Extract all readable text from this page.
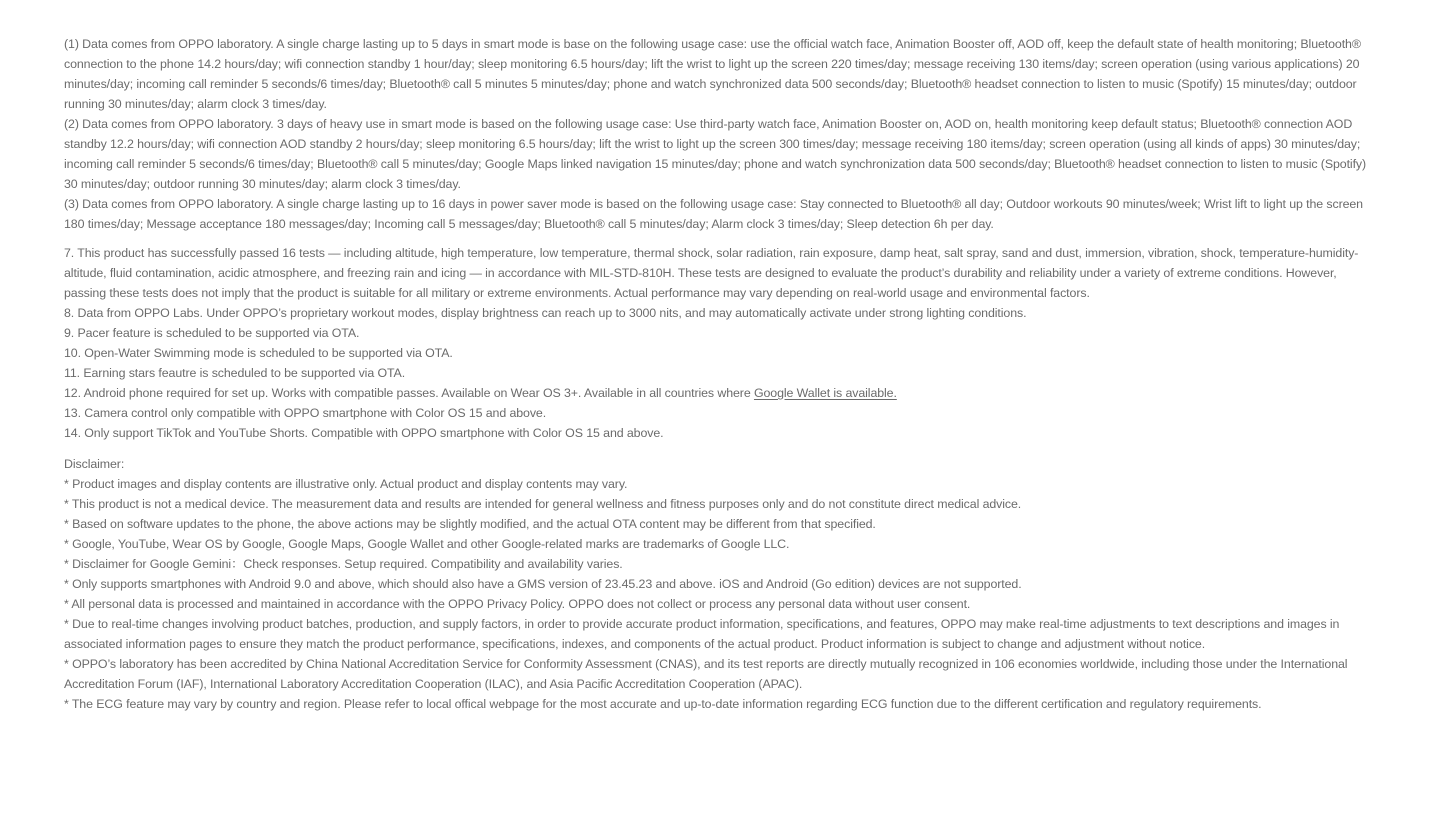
(1) Data comes from OPPO laboratory. A single charge lasting up to 5 days in smart mode is base on the following usage case: use the official watch face, Animation Booster off, AOD off, keep the default state of health monitoring; Bluetooth® connection to the phone 14.2 hours/day; wifi connection standby 1 hour/day; sleep monitoring 6.5 hours/day; lift the wrist to light up the screen 220 times/day; message receiving 130 items/day; screen operation (using various applications) 20 minutes/day; incoming call reminder 5 seconds/6 times/day; Bluetooth® call 5 minutes 5 minutes/day; phone and watch synchronized data 500 seconds/day; Bluetooth® headset connection to listen to music (Spotify) 15 minutes/day; outdoor running 30 minutes/day; alarm clock 3 times/day.

(2) Data comes from OPPO laboratory. 3 days of heavy use in smart mode is based on the following usage case: Use third-party watch face, Animation Booster on, AOD on, health monitoring keep default status; Bluetooth® connection AOD standby 12.2 hours/day; wifi connection AOD standby 2 hours/day; sleep monitoring 6.5 hours/day; lift the wrist to light up the screen 300 times/day; message receiving 180 items/day; screen operation (using all kinds of apps) 30 minutes/day; incoming call reminder 5 seconds/6 times/day; Bluetooth® call 5 minutes/day; Google Maps linked navigation 15 minutes/day; phone and watch synchronization data 500 seconds/day; Bluetooth® headset connection to listen to music (Spotify) 30 minutes/day; outdoor running 30 minutes/day; alarm clock 3 times/day.

(3) Data comes from OPPO laboratory. A single charge lasting up to 16 days in power saver mode is based on the following usage case: Stay connected to Bluetooth® all day; Outdoor workouts 90 minutes/week; Wrist lift to light up the screen 180 times/day; Message acceptance 180 messages/day; Incoming call 5 messages/day; Bluetooth® call 5 minutes/day; Alarm clock 3 times/day; Sleep detection 6h per day.

7. This product has successfully passed 16 tests — including altitude, high temperature, low temperature, thermal shock, solar radiation, rain exposure, damp heat, salt spray, sand and dust, immersion, vibration, shock, temperature-humidity-altitude, fluid contamination, acidic atmosphere, and freezing rain and icing — in accordance with MIL-STD-810H. These tests are designed to evaluate the product’s durability and reliability under a variety of extreme conditions. However, passing these tests does not imply that the product is suitable for all military or extreme environments. Actual performance may vary depending on real-world usage and environmental factors.

8. Data from OPPO Labs. Under OPPO’s proprietary workout modes, display brightness can reach up to 3000 nits, and may automatically activate under strong lighting conditions.

9. Pacer feature is scheduled to be supported via OTA.

10. Open-Water Swimming mode is scheduled to be supported via OTA.

11. Earning stars feautre is scheduled to be supported via OTA.

12. Android phone required for set up. Works with compatible passes. Available on Wear OS 3+. Available in all countries where Google Wallet is available.

13. Camera control only compatible with OPPO smartphone with Color OS 15 and above.

14. Only support TikTok and YouTube Shorts. Compatible with OPPO smartphone with Color OS 15 and above.

Disclaimer:

* Product images and display contents are illustrative only. Actual product and display contents may vary.

* This product is not a medical device. The measurement data and results are intended for general wellness and fitness purposes only and do not constitute direct medical advice.

* Based on software updates to the phone, the above actions may be slightly modified, and the actual OTA content may be different from that specified.

* Google, YouTube, Wear OS by Google, Google Maps, Google Wallet and other Google-related marks are trademarks of Google LLC.

* Disclaimer for Google Gemini：Check responses. Setup required. Compatibility and availability varies.

* Only supports smartphones with Android 9.0 and above, which should also have a GMS version of 23.45.23 and above. iOS and Android (Go edition) devices are not supported.

* All personal data is processed and maintained in accordance with the OPPO Privacy Policy. OPPO does not collect or process any personal data without user consent.

* Due to real-time changes involving product batches, production, and supply factors, in order to provide accurate product information, specifications, and features, OPPO may make real-time adjustments to text descriptions and images in associated information pages to ensure they match the product performance, specifications, indexes, and components of the actual product. Product information is subject to change and adjustment without notice.

* OPPO’s laboratory has been accredited by China National Accreditation Service for Conformity Assessment (CNAS), and its test reports are directly mutually recognized in 106 economies worldwide, including those under the International Accreditation Forum (IAF), International Laboratory Accreditation Cooperation (ILAC), and Asia Pacific Accreditation Cooperation (APAC).

* The ECG feature may vary by country and region. Please refer to local offical webpage for the most accurate and up-to-date information regarding ECG function due to the different certification and regulatory requirements.
